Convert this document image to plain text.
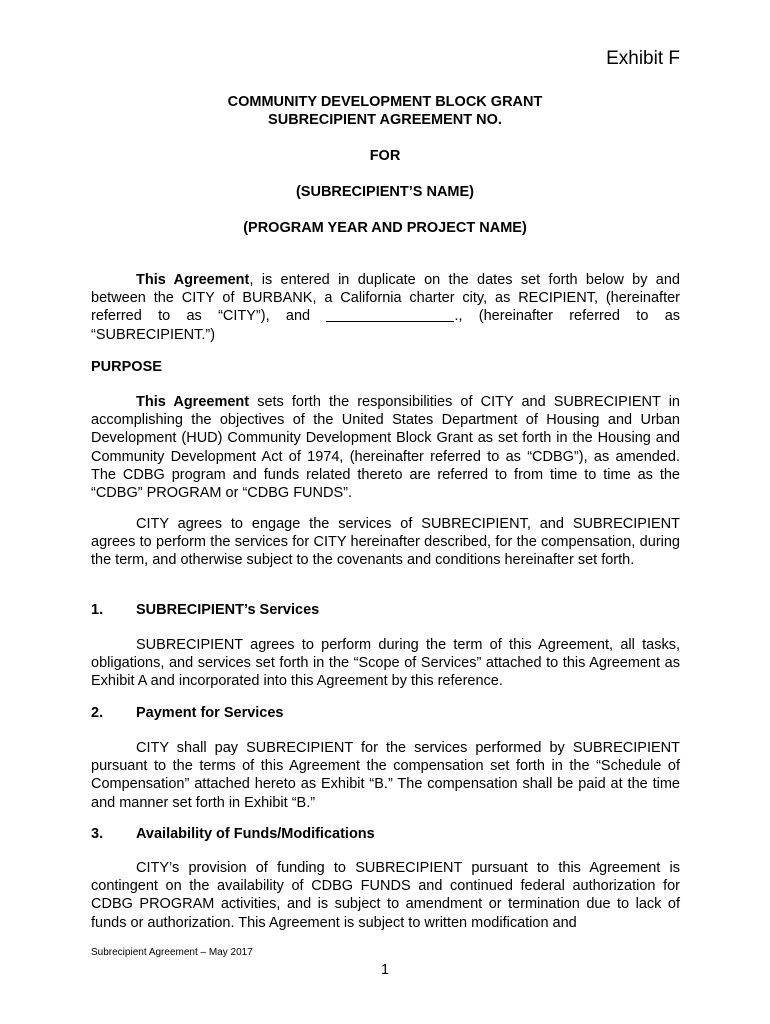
Exhibit F
COMMUNITY DEVELOPMENT BLOCK GRANT
SUBRECIPIENT AGREEMENT NO.
FOR
(SUBRECIPIENT’S NAME)
(PROGRAM YEAR AND PROJECT NAME)

This Agreement, is entered in duplicate on the dates set forth below by and between the CITY of BURBANK, a California charter city, as RECIPIENT, (hereinafter referred to as “CITY”), and	., (hereinafter referred to as “SUBRECIPIENT.”)

PURPOSE

This Agreement sets forth the responsibilities of CITY and SUBRECIPIENT in accomplishing the objectives of the United States Department of Housing and Urban Development (HUD) Community Development Block Grant as set forth in the Housing and Community Development Act of 1974, (hereinafter referred to as “CDBG”), as amended. The CDBG program and funds related thereto are referred to from time to time as the “CDBG” PROGRAM or “CDBG FUNDS”.

CITY agrees to engage the services of SUBRECIPIENT, and SUBRECIPIENT agrees to perform the services for CITY hereinafter described, for the compensation, during the term, and otherwise subject to the covenants and conditions hereinafter set forth.

1. SUBRECIPIENT’s Services

SUBRECIPIENT agrees to perform during the term of this Agreement, all tasks, obligations, and services set forth in the “Scope of Services” attached to this Agreement as Exhibit A and incorporated into this Agreement by this reference.

2. Payment for Services

CITY shall pay SUBRECIPIENT for the services performed by SUBRECIPIENT pursuant to the terms of this Agreement the compensation set forth in the “Schedule of Compensation” attached hereto as Exhibit “B.” The compensation shall be paid at the time and manner set forth in Exhibit “B.”

3. Availability of Funds/Modifications

CITY’s provision of funding to SUBRECIPIENT pursuant to this Agreement is contingent on the availability of CDBG FUNDS and continued federal authorization for CDBG PROGRAM activities, and is subject to amendment or termination due to lack of funds or authorization. This Agreement is subject to written modification and

Subrecipient Agreement – May 2017
1
